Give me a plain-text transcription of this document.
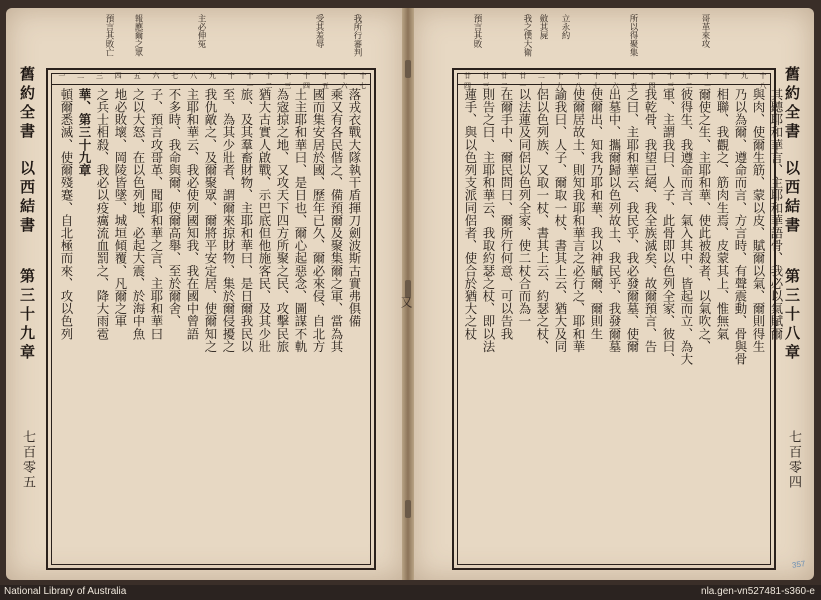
我所行審判
受其羞辱
主必伸冤
報應爾之眾
預言其敗亡
十七
十六
十五
十四
十三
十二
十一
十
九
八
七
六
五
四
三
二
一
落戎衣戰大隊執干盾揮刀劍波斯古實弗俱備
乘又有各民偕之、備預爾及聚集爾之軍、當為其
國而集安居於國、歷年已久、爾必來侵、自北方
土主耶和華曰、是日也、爾心起惡念、圖謀不軌
為宼掠之地、又攻天下四方所聚之民、攻擊民旅
猶大古實人啟戰、示巴底但他施客民、及其少壯
旅、及其羣畜財物、主耶和華曰、是日爾我民以
至、為其少壯者、謂爾來掠財物、集於爾侵擾之
我仇敵之、及爾聚眾、爾將平安定居、使爾知之
主耶和華云、我必使列國知我、我在國中曾語
不多時、我命與爾、使爾高舉、至於爾舍、
子、預言攻哥革、聞耶和華之言、主耶和華曰
之以大怒、在以色列地、必起大震、於海中魚
地必敗壞、岡陵皆墜、城垣傾覆、凡爾之軍
之兵士相殺、我必以疫癘流血罰之、降大雨雹
華、第三十九章
頓爾悉滅、使爾殘蹇、自北極而來、攻以色列
舊約全書
以西結書
第三十九章
七百零五
哥革來攻
立永約
斂其屍
我之僕大衛
預言其敗	所以得聚集
十八
九
十
十一
十二
十三
十四
十五
十六
十七
十八
十九
二十
廿一
廿二
廿三
廿四
其聽耶和華言、主耶和華語骨、我必以氣賦爾
與肉、使爾生筋、蒙以皮、賦爾以氣、爾則得生
乃以為爾、遵命而言、方言時、有聲震動、骨與骨
相聯、我觀之、筋肉生焉、皮蒙其上、惟無氣
爾使之生、主耶和華、使此被殺者、以氣吹之、
彼得生、我遵命而言、氣入其中、皆起而立、為大
軍、主謂我曰、人子、此骨即以色列全家、彼曰、
我乾骨、我望已絕、我全族滅矣、故爾預言、告
之曰、主耶和華云、我民乎、我必發爾墓、使爾
出墓中、攜爾歸以色列故土、我民乎、我發爾墓
使爾出、知我乃耶和華、我以神賦爾、爾則生
使爾居故土、則知我耶和華言之必行之、耶和華
諭我曰、人子、爾取一杖、書其上云、猶大及同
侶以色列族、又取一杖、書其上云、約瑟之杖、
以法蓮及同侶以色列全家、使二杖合而為一
在爾手中、爾民問曰、爾所行何意、可以告我
則告之曰、主耶和華云、我取約瑟之杖、即以法
蓮手、與以色列支派同侶者、使合於猶大之杖	舊約全書
以西結書
第三十八章
七百零四
又
357
National Library of Australia	nla.gen-vn527481-s360-e
